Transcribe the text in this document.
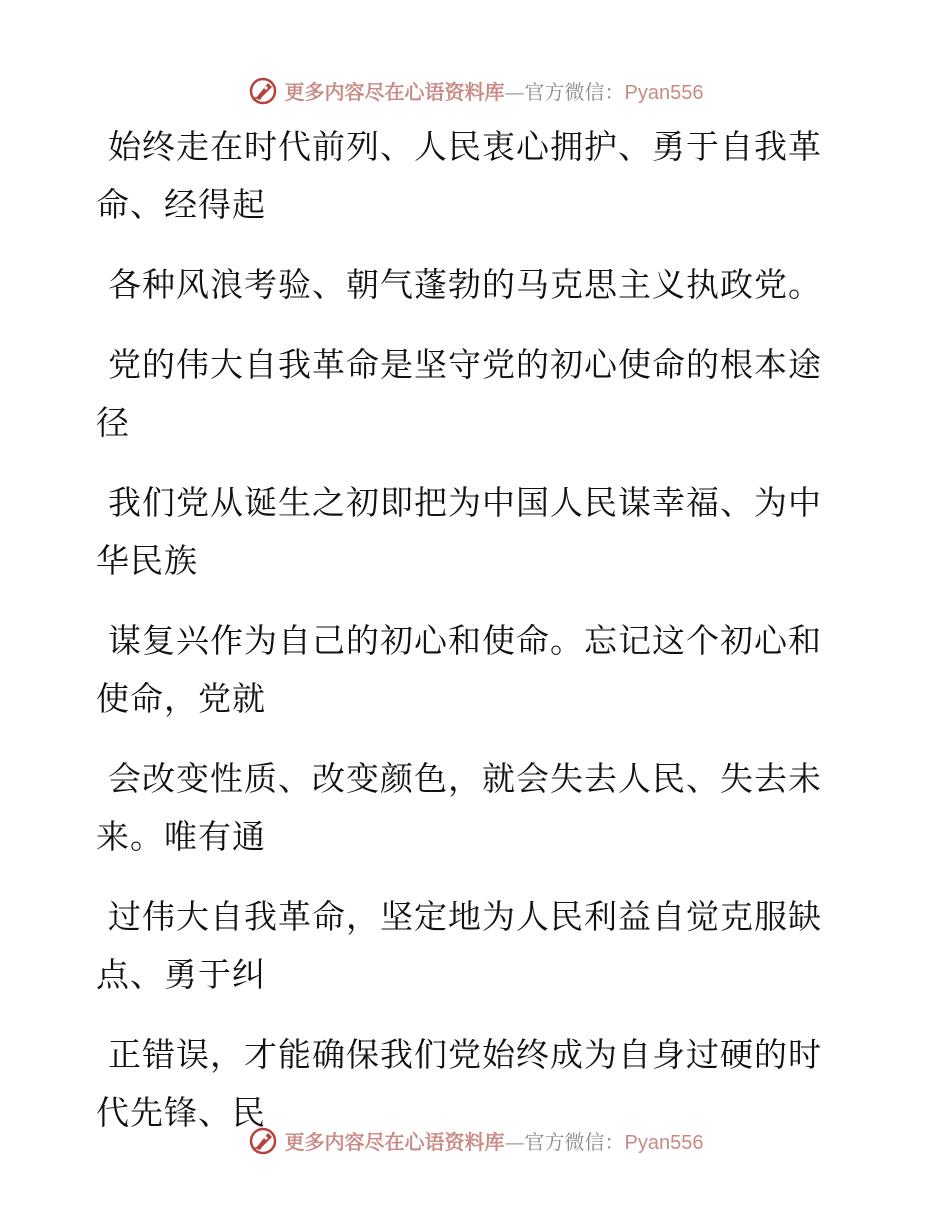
更多内容尽在心语资料库 — 官方微信： Pyan556

始终走在时代前列、人民衷心拥护、勇于自我革命、经得起

各种风浪考验、朝气蓬勃的马克思主义执政党。

党的伟大自我革命是坚守党的初心使命的根本途径

我们党从诞生之初即把为中国人民谋幸福、为中华民族

谋复兴作为自己的初心和使命。忘记这个初心和使命，党就

会改变性质、改变颜色，就会失去人民、失去未来。唯有通

过伟大自我革命，坚定地为人民利益自觉克服缺点、勇于纠

正错误，才能确保我们党始终成为自身过硬的时代先锋、民

更多内容尽在心语资料库 — 官方微信： Pyan556
